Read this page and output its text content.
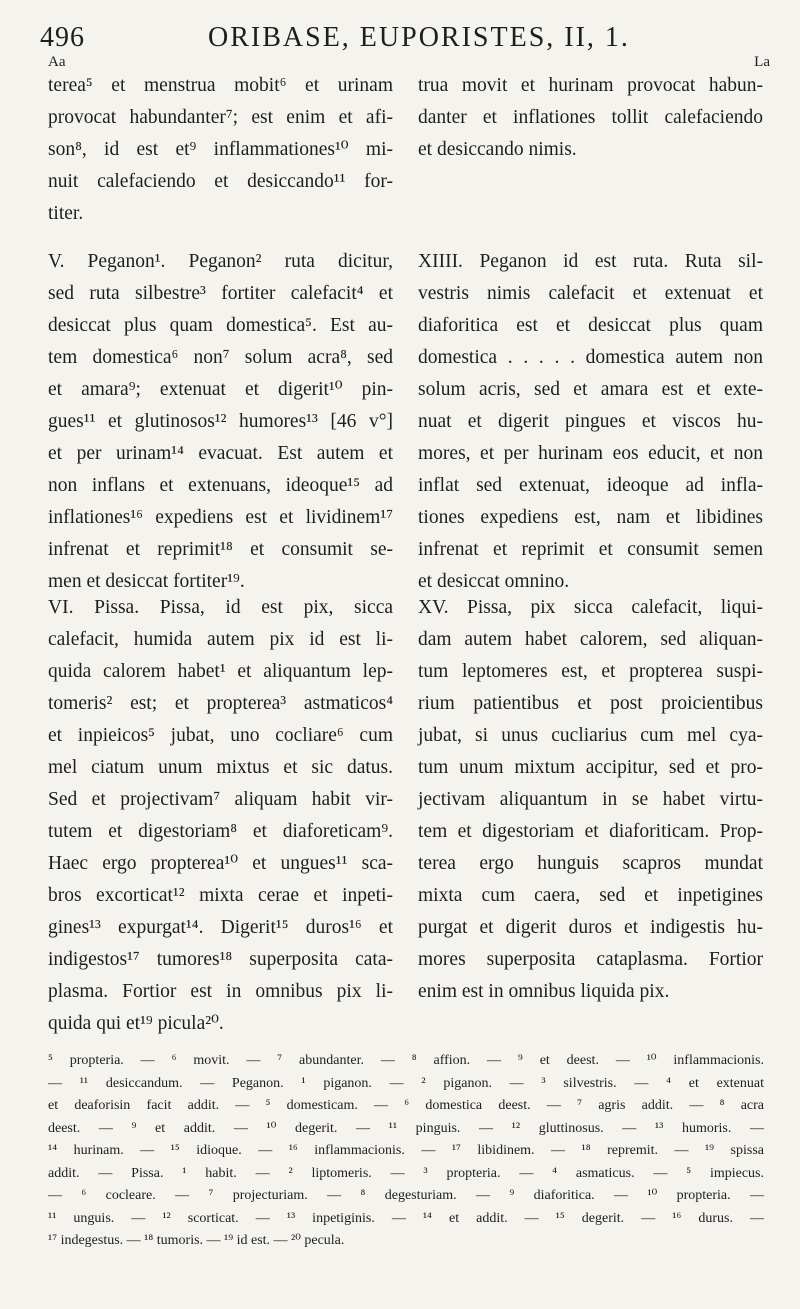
496	ORIBASE, EUPORISTES, II, 1.
Aa	La

terea⁵ et menstrua mobit⁶ et urinam
provocat habundanter⁷; est enim et afi-
son⁸, id est et⁹ inflammationes¹⁰ mi-
nuit calefaciendo et desiccando¹¹ for-
titer.

V. Peganon¹. Peganon² ruta dicitur,
sed ruta silbestre³ fortiter calefacit⁴ et
desiccat plus quam domestica⁵. Est au-
tem domestica⁶ non⁷ solum acra⁸, sed
et amara⁹; extenuat et digerit¹⁰ pin-
gues¹¹ et glutinosos¹² humores¹³ [46 v°]
et per urinam¹⁴ evacuat. Est autem et
non inflans et extenuans, ideoque¹⁵ ad
inflationes¹⁶ expediens est et lividinem¹⁷
infrenat et reprimit¹⁸ et consumit se-
men et desiccat fortiter¹⁹.

VI. Pissa. Pissa, id est pix, sicca
calefacit, humida autem pix id est li-
quida calorem habet¹ et aliquantum lep-
tomeris² est; et propterea³ astmaticos⁴
et inpieicos⁵ jubat, uno cocliare⁶ cum
mel ciatum unum mixtus et sic datus.
Sed et projectivam⁷ aliquam habit vir-
tutem et digestoriam⁸ et diaforeticam⁹.
Haec ergo propterea¹⁰ et ungues¹¹ sca-
bros excorticat¹² mixta cerae et inpeti-
gines¹³ expurgat¹⁴. Digerit¹⁵ duros¹⁶ et
indigestos¹⁷ tumores¹⁸ superposita cata-
plasma. Fortior est in omnibus pix li-
quida qui et¹⁹ picula²⁰.

trua movit et hurinam provocat habun-
danter et inflationes tollit calefaciendo
et desiccando nimis.

XIIII. Peganon id est ruta. Ruta sil-
vestris nimis calefacit et extenuat et
diaforitica est et desiccat plus quam
domestica . . . . . domestica autem non
solum acris, sed et amara est et exte-
nuat et digerit pingues et viscos hu-
mores, et per hurinam eos educit, et non
inflat sed extenuat, ideoque ad infla-
tiones expediens est, nam et libidines
infrenat et reprimit et consumit semen
et desiccat omnino.

XV. Pissa, pix sicca calefacit, liqui-
dam autem habet calorem, sed aliquan-
tum leptomeres est, et propterea suspi-
rium patientibus et post proicientibus
jubat, si unus cucliarius cum mel cya-
tum unum mixtum accipitur, sed et pro-
jectivam aliquantum in se habet virtu-
tem et digestoriam et diaforiticam. Prop-
terea ergo hunguis scapros mundat
mixta cum caera, sed et inpetigines
purgat et digerit duros et indigestis hu-
mores superposita cataplasma. Fortior
enim est in omnibus liquida pix.

⁵ propteria. — ⁶ movit. — ⁷ abundanter. — ⁸ affion. — ⁹ et deest. — ¹⁰ inflammacionis.
— ¹¹ desiccandum. — Peganon. ¹ piganon. — ² piganon. — ³ silvestris. — ⁴ et extenuat
et deaforisin facit addit. — ⁵ domesticam. — ⁶ domestica deest. — ⁷ agris addit. — ⁸ acra
deest. — ⁹ et addit. — ¹⁰ degerit. — ¹¹ pinguis. — ¹² gluttinosus. — ¹³ humoris. —
¹⁴ hurinam. — ¹⁵ idioque. — ¹⁶ inflammacionis. — ¹⁷ libidinem. — ¹⁸ repremit. — ¹⁹ spissa
addit. — Pissa. ¹ habit. — ² liptomeris. — ³ propteria. — ⁴ asmaticus. — ⁵ impiecus.
— ⁶ cocleare. — ⁷ projecturiam. — ⁸ degesturiam. — ⁹ diaforitica. — ¹⁰ propteria. —
¹¹ unguis. — ¹² scorticat. — ¹³ inpetiginis. — ¹⁴ et addit. — ¹⁵ degerit. — ¹⁶ durus. —
¹⁷ indegestus. — ¹⁸ tumoris. — ¹⁹ id est. — ²⁰ pecula.
